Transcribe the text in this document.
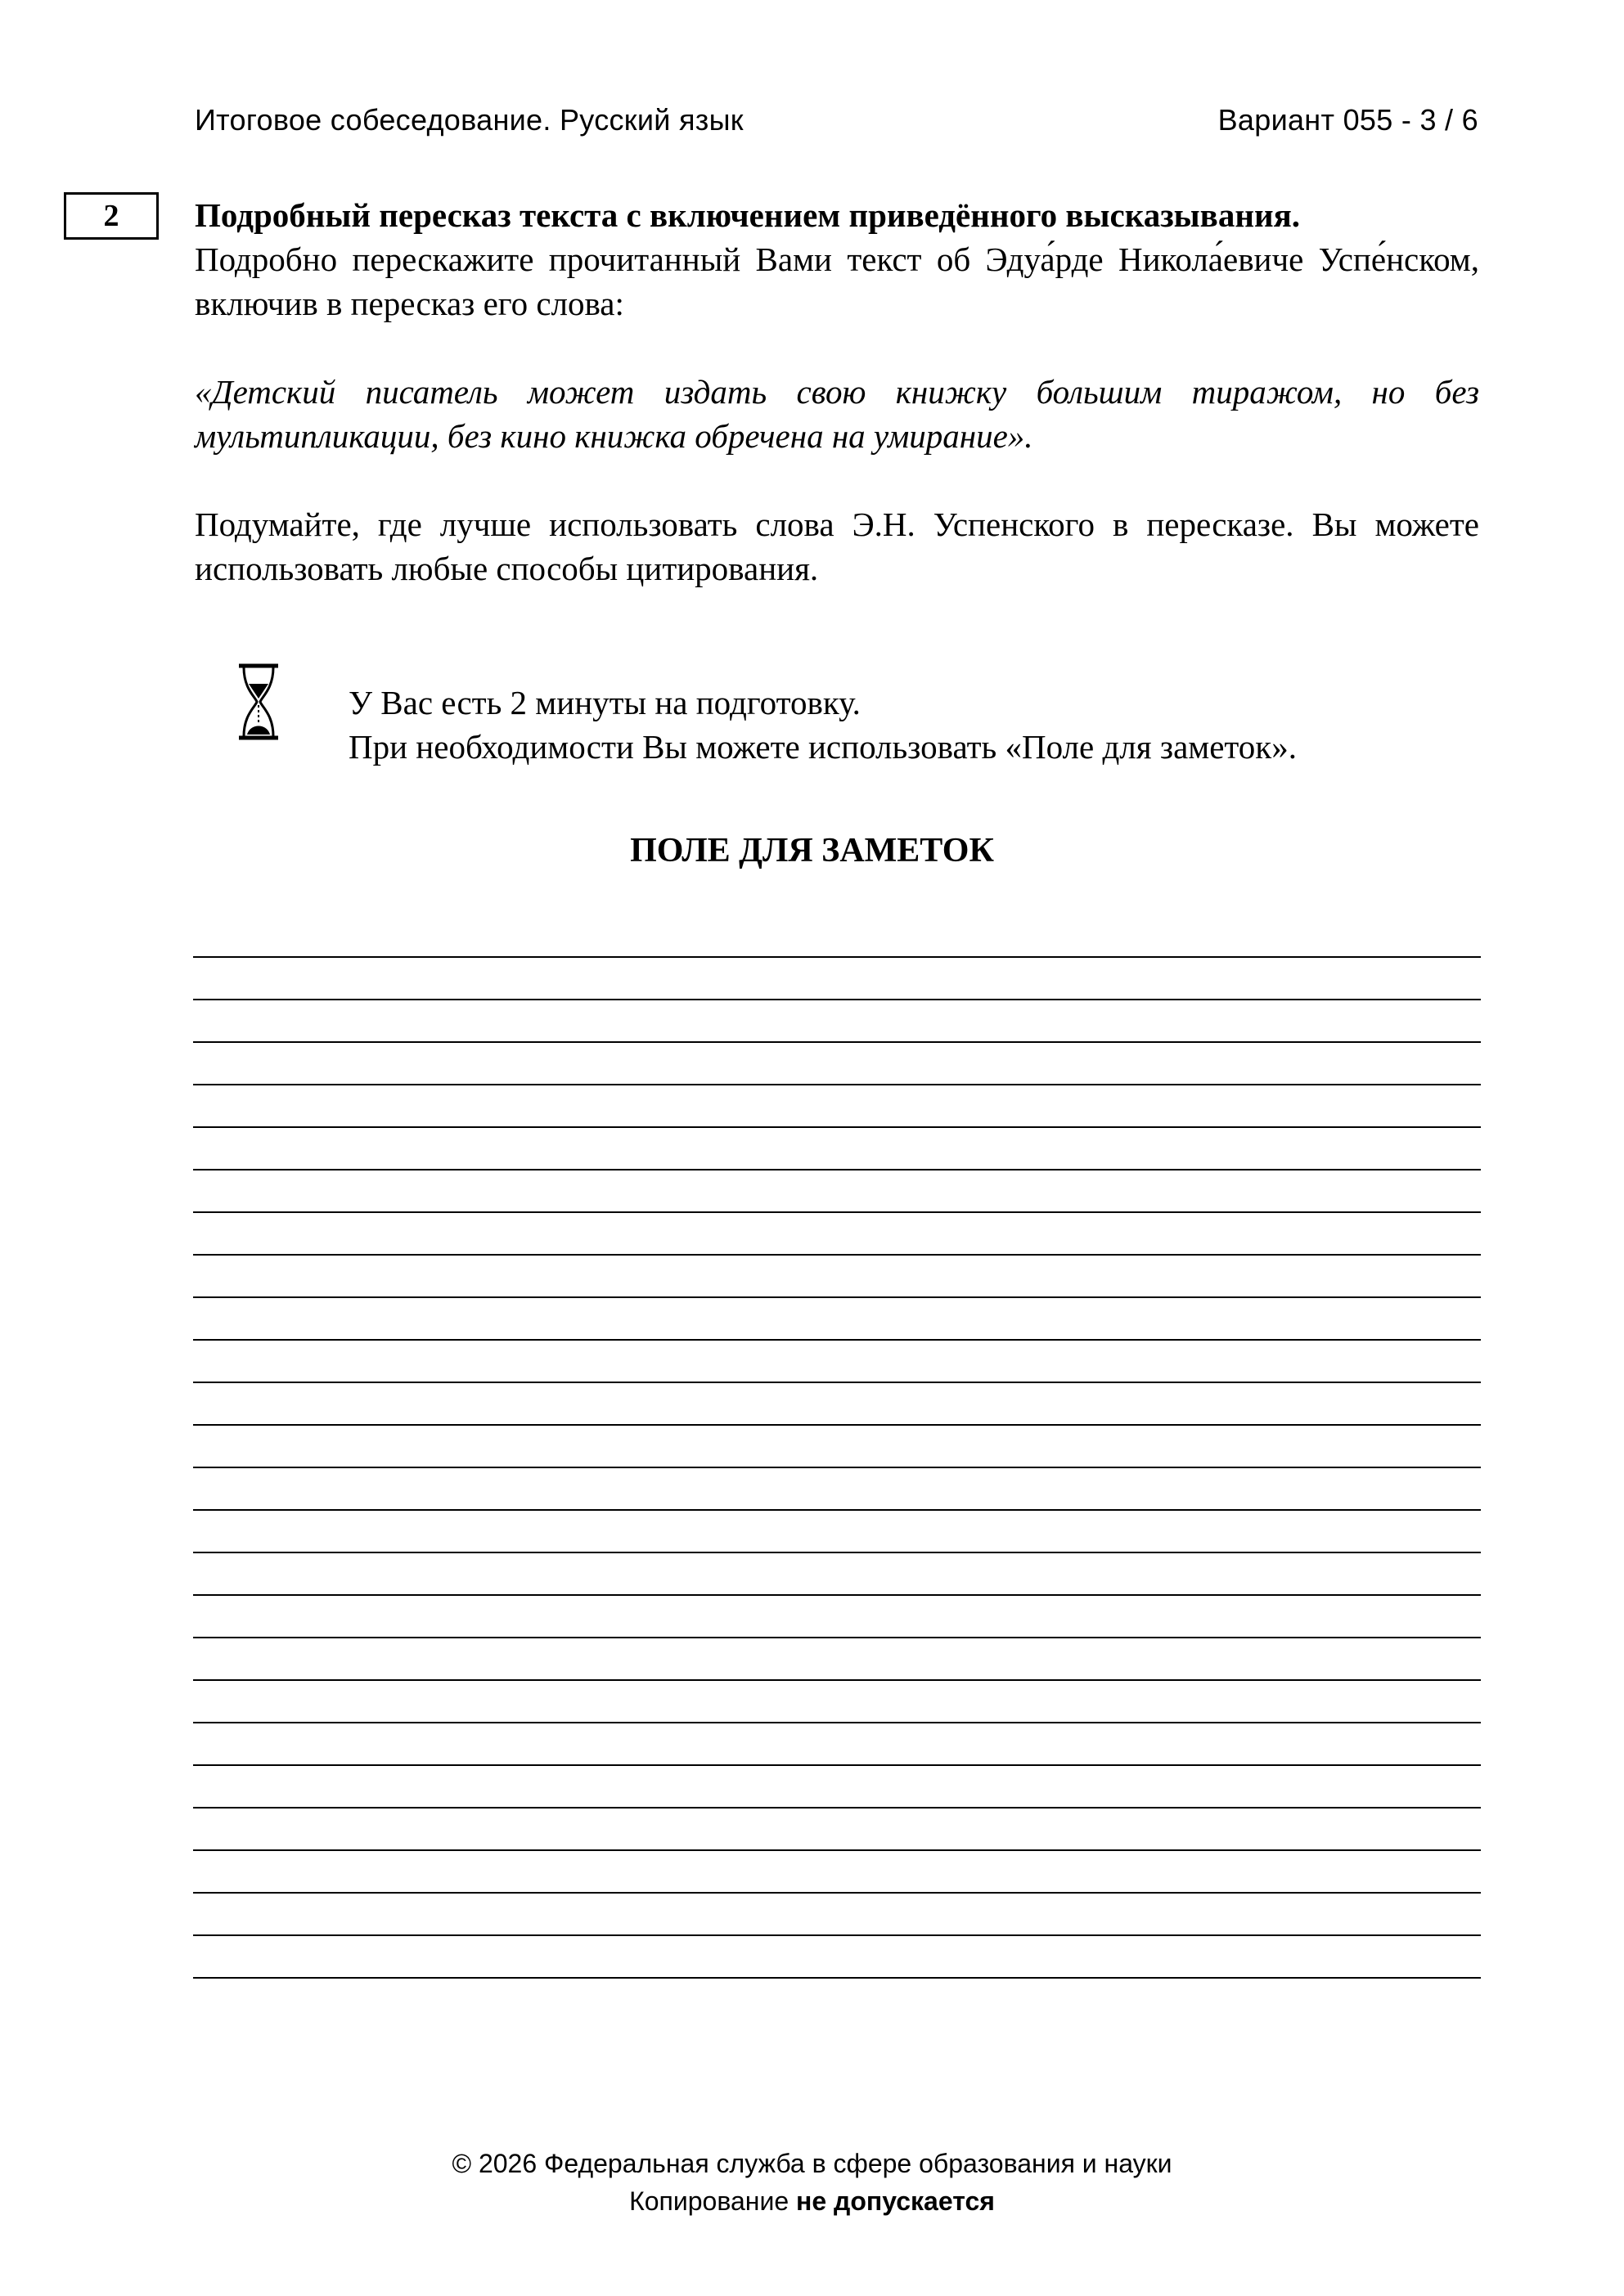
Итоговое собеседование. Русский язык	Вариант 055 - 3 / 6
2	Подробный пересказ текста с включением приведённого высказывания.

Подробно перескажите прочитанный Вами текст об Эдуа́рде Никола́евиче Успе́нском, включив в пересказ его слова:

«Детский писатель может издать свою книжку большим тиражом, но без мультипликации, без кино книжка обречена на умирание».

Подумайте, где лучше использовать слова Э.Н. Успенского в пересказе. Вы можете использовать любые способы цитирования.

У Вас есть 2 минуты на подготовку.
При необходимости Вы можете использовать «Поле для заметок».
ПОЛЕ ДЛЯ ЗАМЕТОК
© 2026 Федеральная служба в сфере образования и науки
Копирование не допускается
